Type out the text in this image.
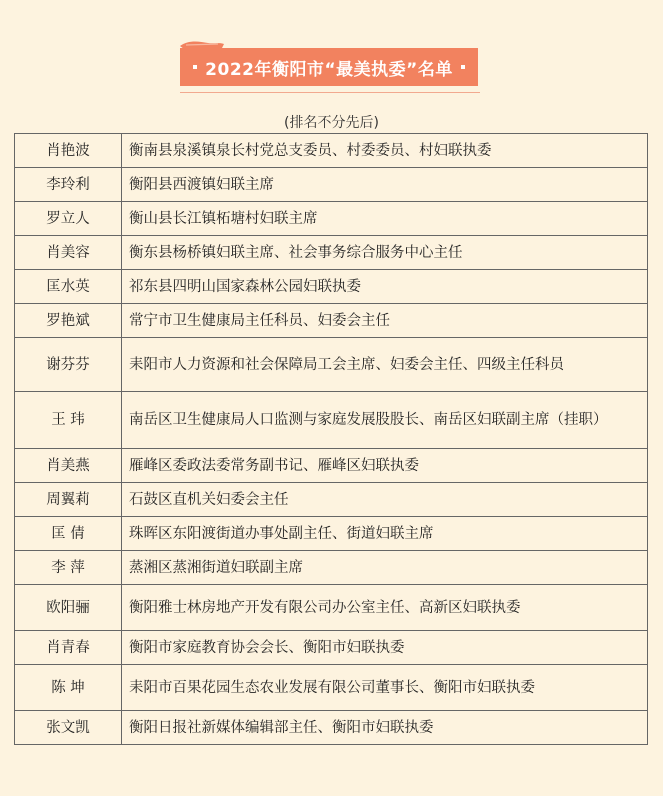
2022年衡阳市“最美执委”名单
(排名不分先后)
肖艳波	衡南县泉溪镇泉长村党总支委员、村委委员、村妇联执委
李玲利	衡阳县西渡镇妇联主席
罗立人	衡山县长江镇柘塘村妇联主席
肖美容	衡东县杨桥镇妇联主席、社会事务综合服务中心主任
匡水英	祁东县四明山国家森林公园妇联执委
罗艳斌	常宁市卫生健康局主任科员、妇委会主任
谢芬芬	耒阳市人力资源和社会保障局工会主席、妇委会主任、四级主任科员
王 玮	南岳区卫生健康局人口监测与家庭发展股股长、南岳区妇联副主席（挂职）
肖美燕	雁峰区委政法委常务副书记、雁峰区妇联执委
周翼莉	石鼓区直机关妇委会主任
匡 倩	珠晖区东阳渡街道办事处副主任、街道妇联主席
李 萍	蒸湘区蒸湘街道妇联副主席
欧阳骊	衡阳雅士林房地产开发有限公司办公室主任、高新区妇联执委
肖青春	衡阳市家庭教育协会会长、衡阳市妇联执委
陈 坤	耒阳市百果花园生态农业发展有限公司董事长、衡阳市妇联执委
张文凯	衡阳日报社新媒体编辑部主任、衡阳市妇联执委
